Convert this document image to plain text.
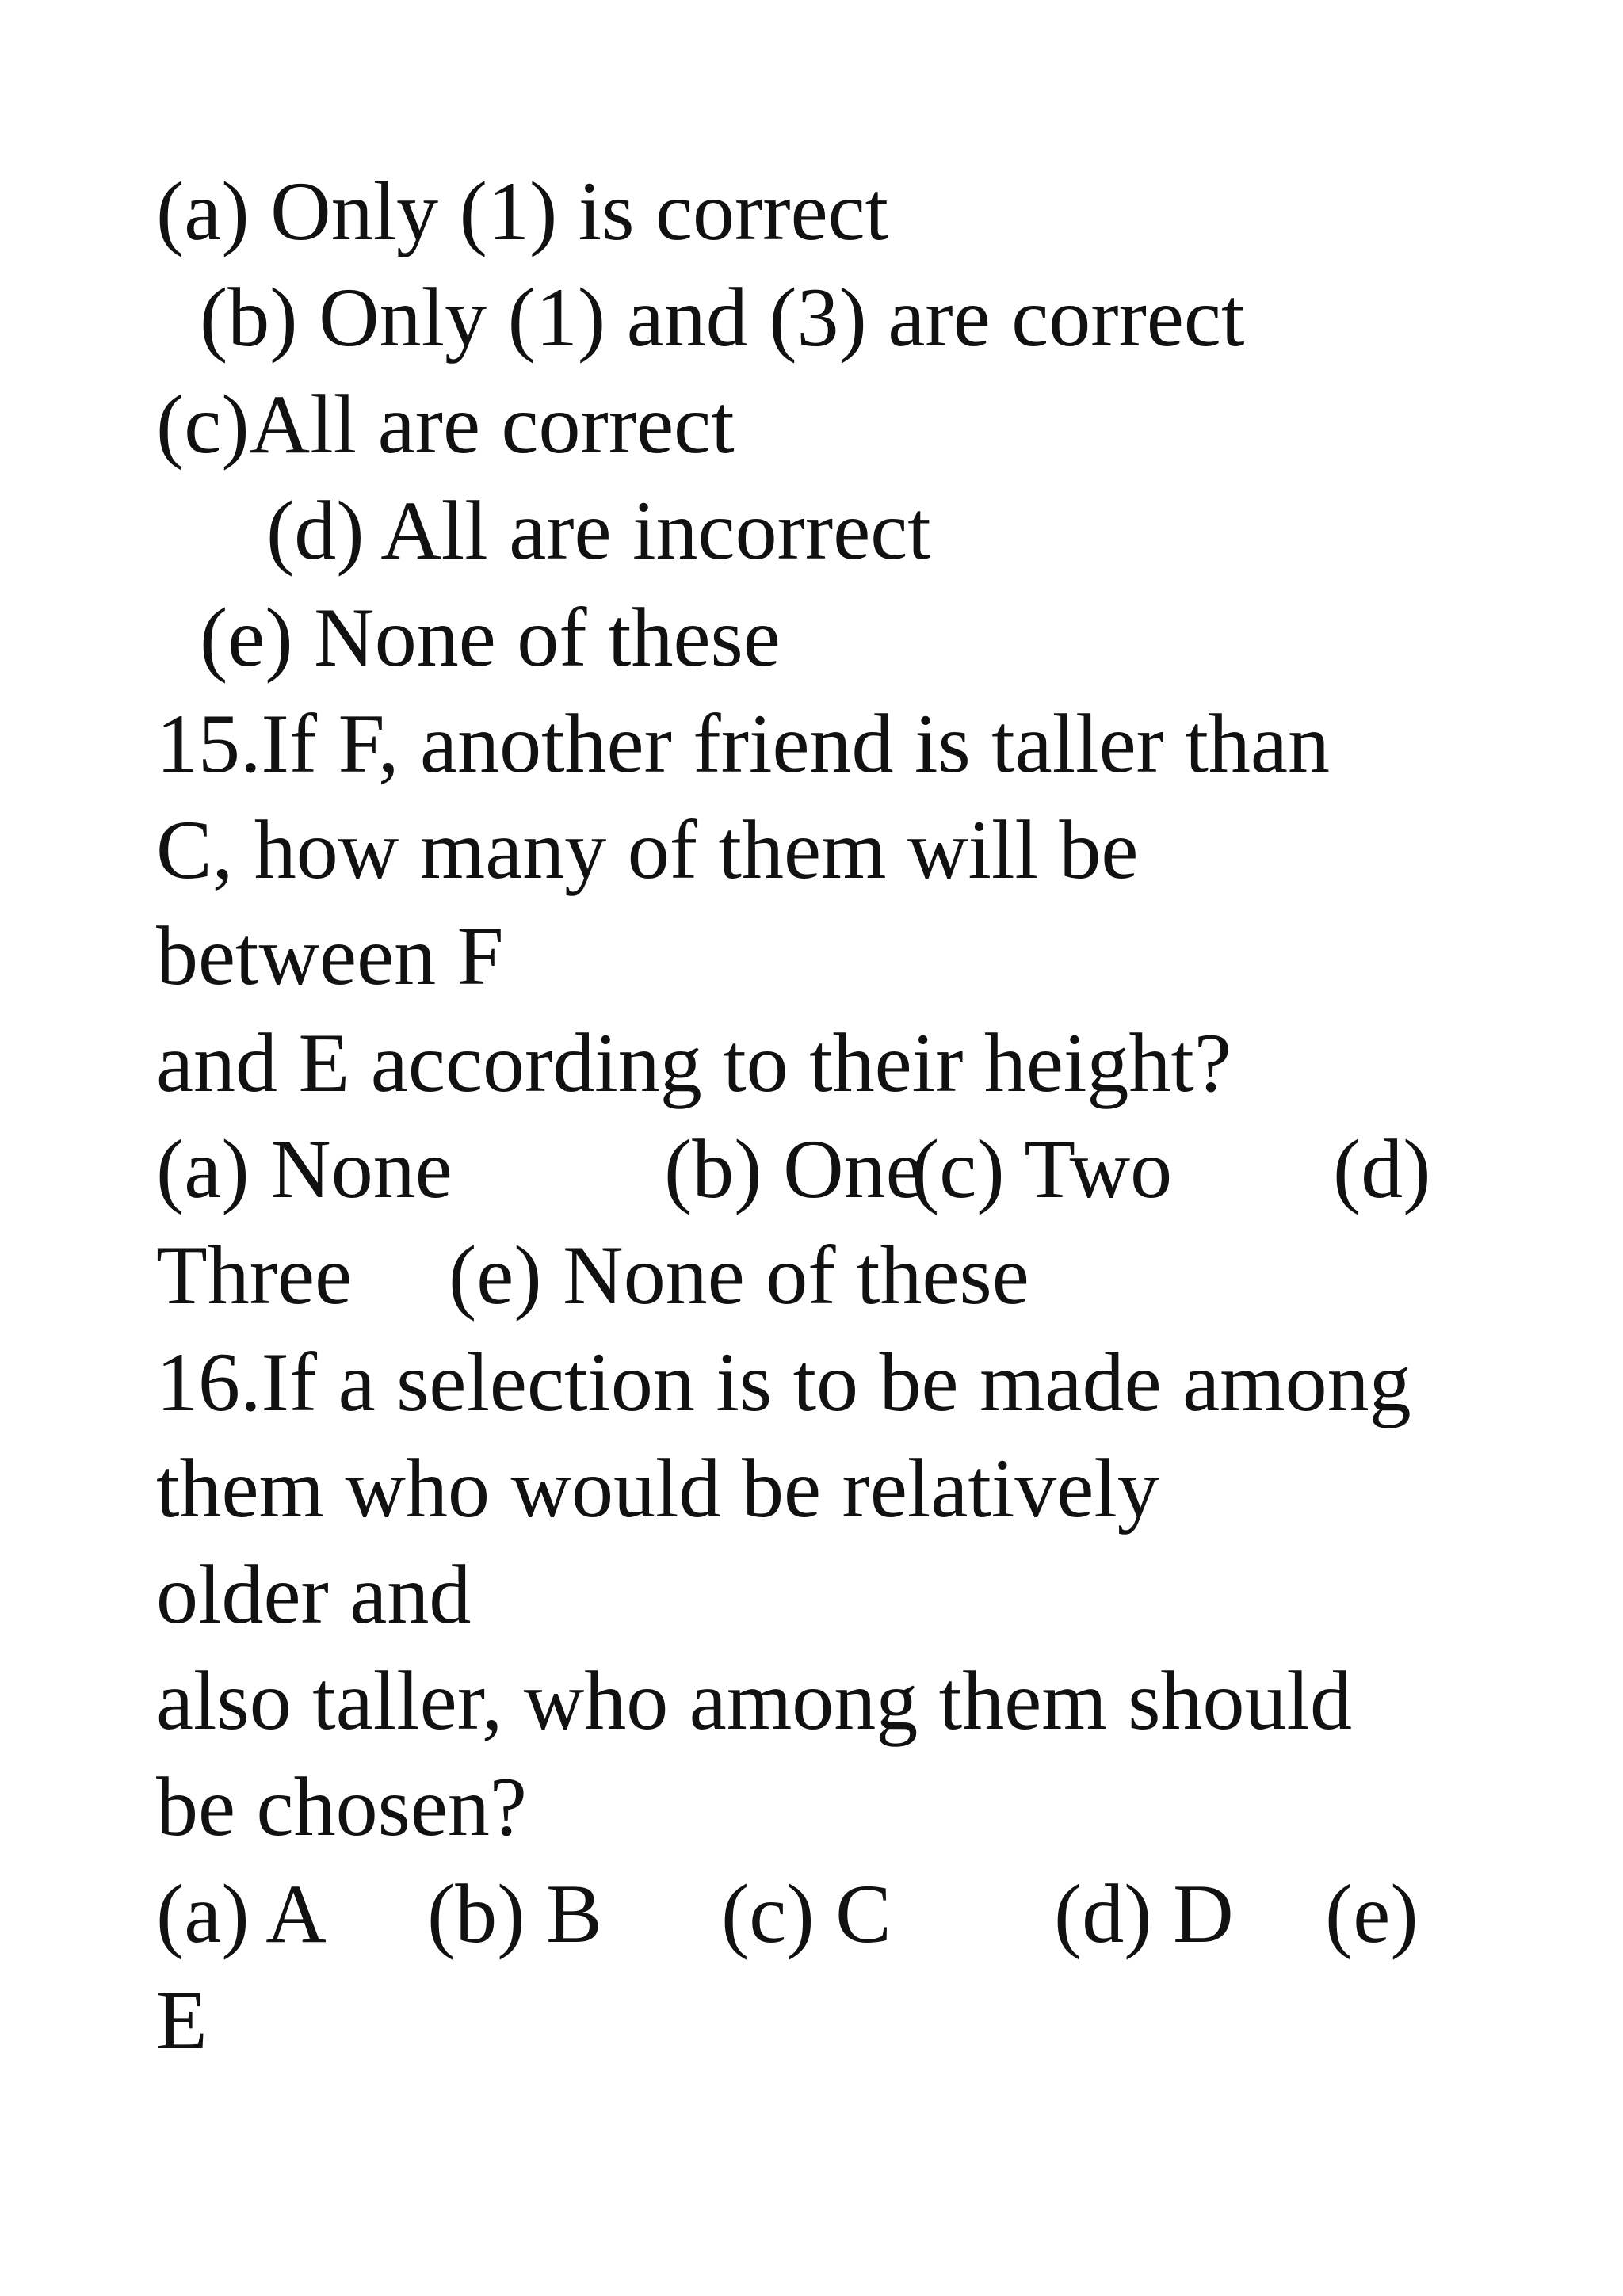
(a) Only (1) is correct
(b) Only (1) and (3) are correct
(c)All are correct
(d) All are incorrect
(e) None of these
15.If F, another friend is taller than
C, how many of them will be
between F
and E according to their height?
(a) None	(b) One
(c) Two (d)
Three (e) None of these
16.If a selection is to be made among
them who would be relatively
older and
also taller, who among them should
be chosen?
(a) A (b) B (c) C (d) D (e)
E
